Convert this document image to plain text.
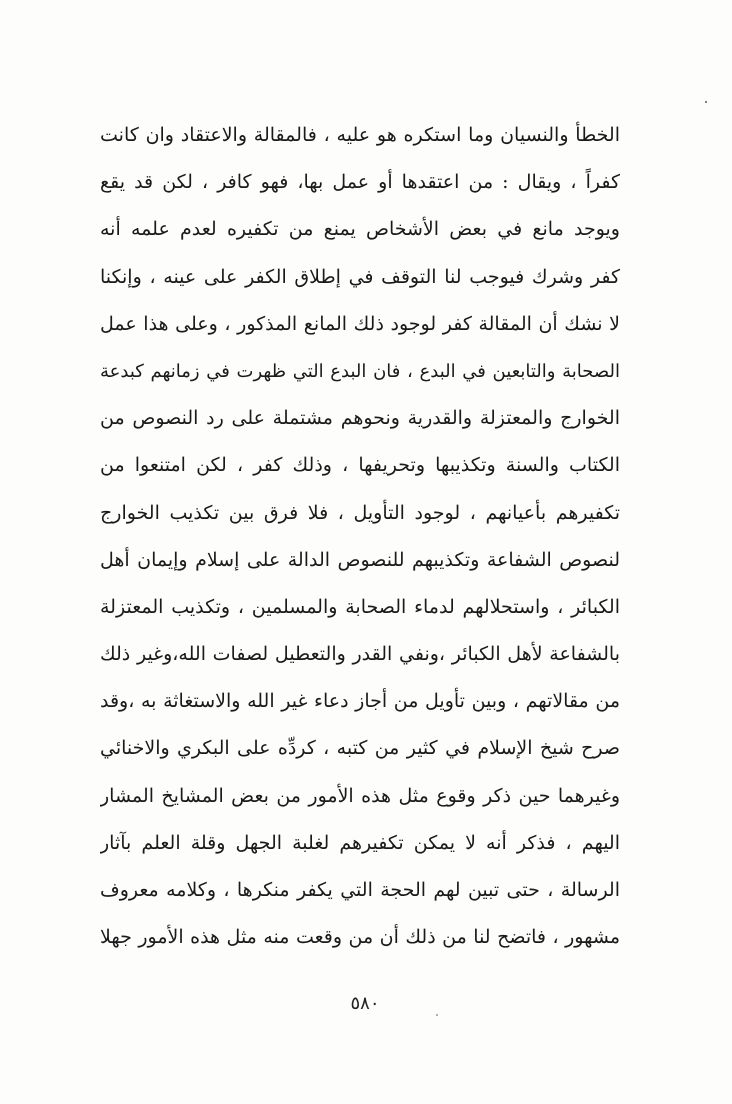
الخطأ والنسيان وما استكره هو عليه ، فالمقالة والاعتقاد وان كانت
كفراً ، ويقال : من اعتقدها أو عمل بها، فهو كافر ، لكن قد يقع
ويوجد مانع في بعض الأشخاص يمنع من تكفيره لعدم علمه أنه
كفر وشرك فيوجب لنا التوقف في إطلاق الكفر على عينه ، وإنكنا
لا نشك أن المقالة كفر لوجود ذلك المانع المذكور ، وعلى هذا عمل
الصحابة والتابعين في البدع ، فان البدع التي ظهرت في زمانهم كبدعة
الخوارج والمعتزلة والقدرية ونحوهم مشتملة على رد النصوص من
الكتاب والسنة وتكذيبها وتحريفها ، وذلك كفر ، لكن امتنعوا من
تكفيرهم بأعيانهم ، لوجود التأويل ، فلا فرق بين تكذيب الخوارج
لنصوص الشفاعة وتكذيبهم للنصوص الدالة على إسلام وإيمان أهل
الكبائر ، واستحلالهم لدماء الصحابة والمسلمين ، وتكذيب المعتزلة
بالشفاعة لأهل الكبائر ،ونفي القدر والتعطيل لصفات الله،وغير ذلك
من مقالاتهم ، وبين تأويل من أجاز دعاء غير الله والاستغاثة به ،وقد
صرح شيخ الإسلام في كثير من كتبه ، كردِّه على البكري والاخنائي
وغيرهما حين ذكر وقوع مثل هذه الأمور من بعض المشايخ المشار
اليهم ، فذكر أنه لا يمكن تكفيرهم لغلبة الجهل وقلة العلم بآثار
الرسالة ، حتى تبين لهم الحجة التي يكفر منكرها ، وكلامه معروف
مشهور ، فاتضح لنا من ذلك أن من وقعت منه مثل هذه الأمور جهلا
٥٨٠
